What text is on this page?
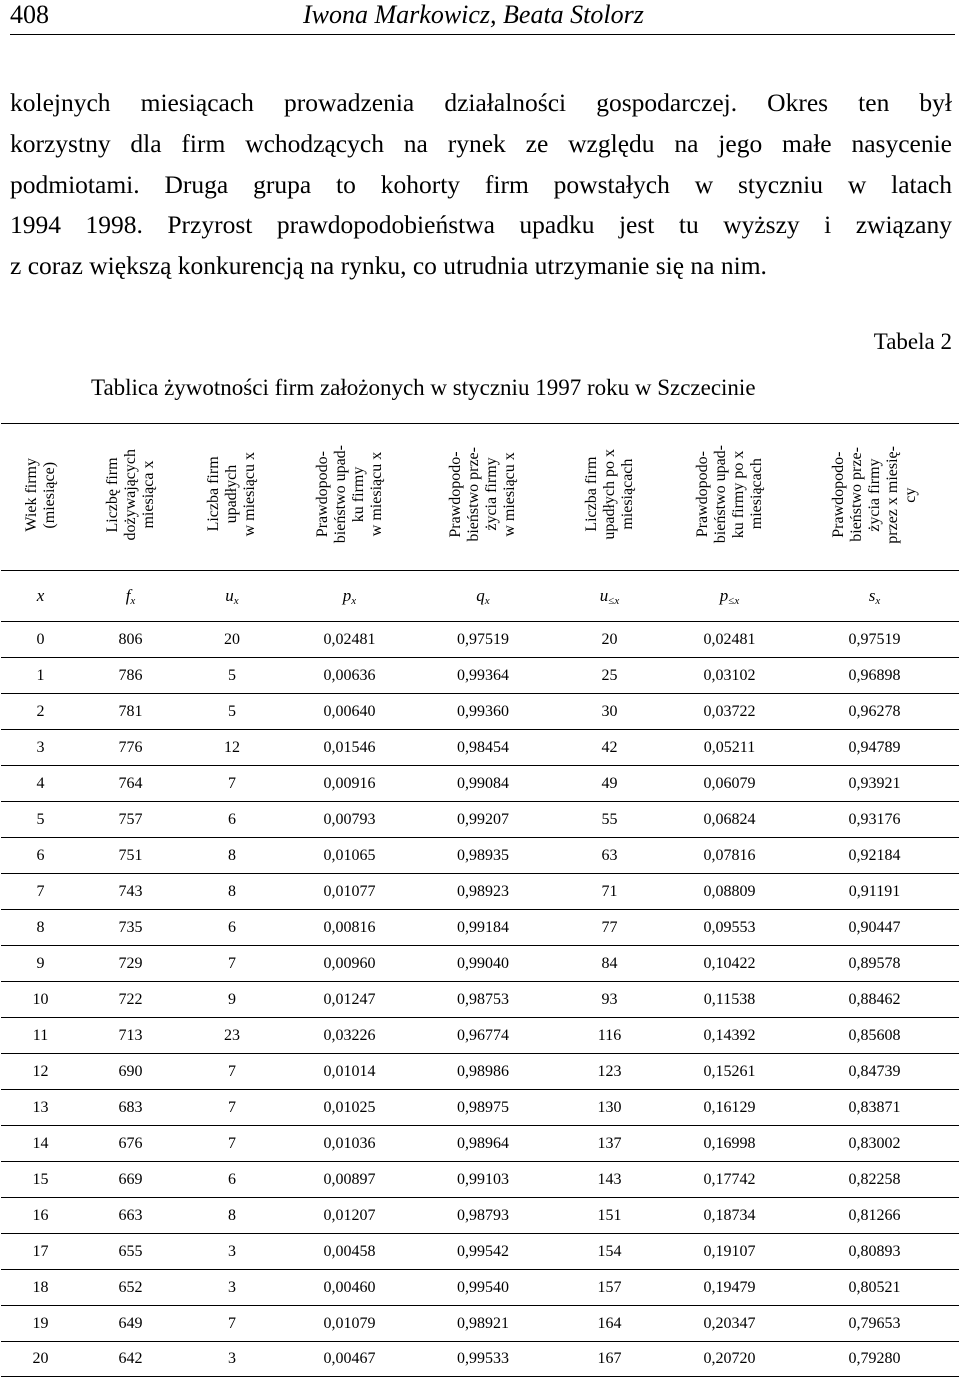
408	Iwona Markowicz, Beata Stolorz
kolejnych miesiącach prowadzenia działalności gospodarczej. Okres ten był
korzystny dla firm wchodzących na rynek ze względu na jego małe nasycenie
podmiotami. Druga grupa to kohorty firm powstałych w styczniu w latach
1994 1998. Przyrost prawdopodobieństwa upadku jest tu wyższy i związany
z coraz większą konkurencją na rynku, co utrudnia utrzymanie się na nim.
Tabela 2
Tablica żywotności firm założonych w styczniu 1997 roku w Szczecinie
Wiek firmy
(miesiące)	Liczbę firm
dożywających
miesiąca x	Liczba firm
upadłych
w miesiącu x	Prawdopodo-
bieństwo upad-
ku firmy
w miesiącu x	Prawdopodo-
bieństwo prze-
życia firmy
w miesiącu x	Liczba firm
upadłych po x
miesiącach	Prawdopodo-
bieństwo upad-
ku firmy po x
miesiącach	Prawdopodo-
bieństwo prze-
życia firmy
przez x miesię-
cy
x	$f_x$	$u_x$	$p_x$	$q_x$	$u_{\le x}$	$p_{\le x}$	$s_x$
0	806	20	0,02481	0,97519	20	0,02481	0,97519
1	786	5	0,00636	0,99364	25	0,03102	0,96898
2	781	5	0,00640	0,99360	30	0,03722	0,96278
3	776	12	0,01546	0,98454	42	0,05211	0,94789
4	764	7	0,00916	0,99084	49	0,06079	0,93921
5	757	6	0,00793	0,99207	55	0,06824	0,93176
6	751	8	0,01065	0,98935	63	0,07816	0,92184
7	743	8	0,01077	0,98923	71	0,08809	0,91191
8	735	6	0,00816	0,99184	77	0,09553	0,90447
9	729	7	0,00960	0,99040	84	0,10422	0,89578
10	722	9	0,01247	0,98753	93	0,11538	0,88462
11	713	23	0,03226	0,96774	116	0,14392	0,85608
12	690	7	0,01014	0,98986	123	0,15261	0,84739
13	683	7	0,01025	0,98975	130	0,16129	0,83871
14	676	7	0,01036	0,98964	137	0,16998	0,83002
15	669	6	0,00897	0,99103	143	0,17742	0,82258
16	663	8	0,01207	0,98793	151	0,18734	0,81266
17	655	3	0,00458	0,99542	154	0,19107	0,80893
18	652	3	0,00460	0,99540	157	0,19479	0,80521
19	649	7	0,01079	0,98921	164	0,20347	0,79653
20	642	3	0,00467	0,99533	167	0,20720	0,79280
